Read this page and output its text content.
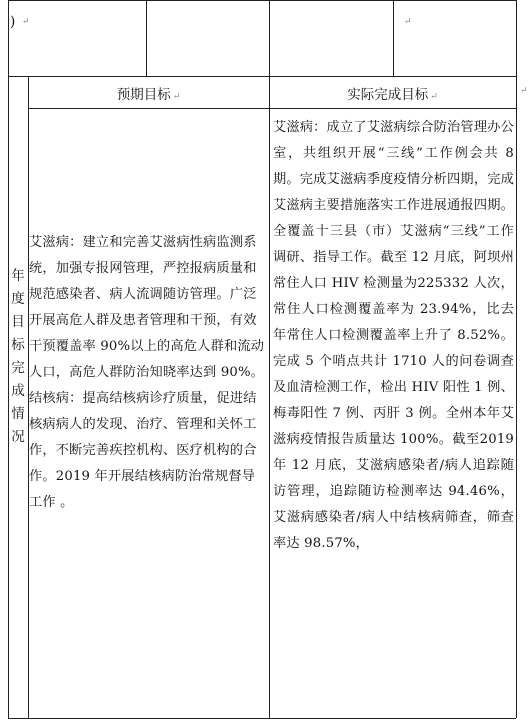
) ↵	↵
预期目标 ↵	实际完成目标 ↵
↵
年度目标完成情况

艾滋病：建立和完善艾滋病性病监测系统，加强专报网管理，严控报病质量和规范感染者、病人流调随访管理。广泛开展高危人群及患者管理和干预，有效干预覆盖率 90%以上的高危人群和流动人口，高危人群防治知晓率达到 90%。

结核病：提高结核病诊疗质量，促进结核病病人的发现、治疗、管理和关怀工作，不断完善疾控机构、医疗机构的合作。2019 年开展结核病防治常规督导工作 。

艾滋病：成立了艾滋病综合防治管理办公室，共组织开展“三线”工作例会共 8 期。完成艾滋病季度疫情分析四期，完成艾滋病主要措施落实工作进展通报四期。全覆盖十三县（市）艾滋病“三线”工作调研、指导工作。截至 12 月底，阿坝州常住人口 HIV 检测量为225332 人次，常住人口检测覆盖率为 23.94%，比去年常住人口检测覆盖率上升了 8.52%。完成 5 个哨点共计 1710 人的问卷调查及血清检测工作，检出 HIV 阳性 1 例、梅毒阳性 7 例、丙肝 3 例。全州本年艾滋病疫情报告质量达 100%。截至2019 年 12 月底，艾滋病感染者/病人追踪随访管理，追踪随访检测率达 94.46%，艾滋病感染者/病人中结核病筛查，筛查率达 98.57%，
